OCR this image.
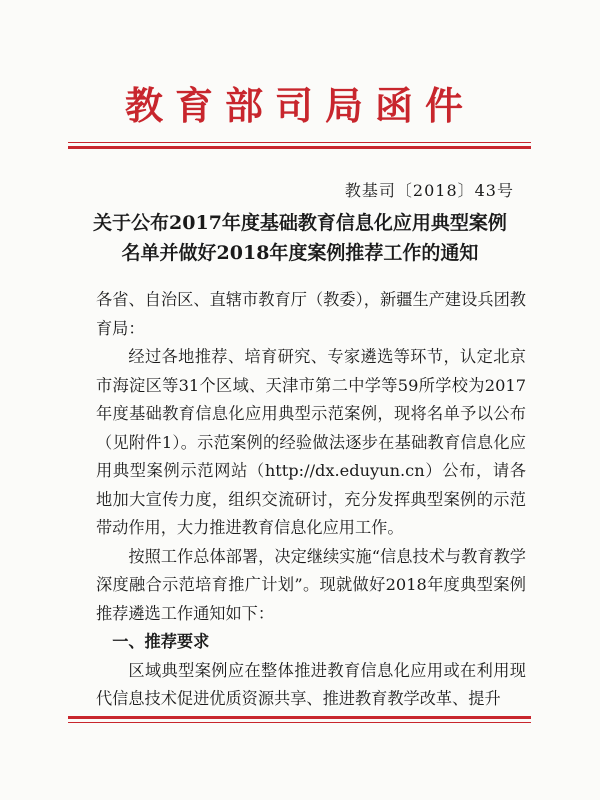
教育部司局函件
教基司〔2018〕43号
关于公布2017年度基础教育信息化应用典型案例
名单并做好2018年度案例推荐工作的通知

各省、自治区、直辖市教育厅（教委），新疆生产建设兵团教育局：

经过各地推荐、培育研究、专家遴选等环节，认定北京市海淀区等31个区域、天津市第二中学等59所学校为2017年度基础教育信息化应用典型示范案例，现将名单予以公布（见附件1）。示范案例的经验做法逐步在基础教育信息化应用典型案例示范网站（http://dx.eduyun.cn）公布，请各地加大宣传力度，组织交流研讨，充分发挥典型案例的示范带动作用，大力推进教育信息化应用工作。

按照工作总体部署，决定继续实施“信息技术与教育教学深度融合示范培育推广计划”。现就做好2018年度典型案例推荐遴选工作通知如下：

一、推荐要求

区域典型案例应在整体推进教育信息化应用或在利用现代信息技术促进优质资源共享、推进教育教学改革、提升
